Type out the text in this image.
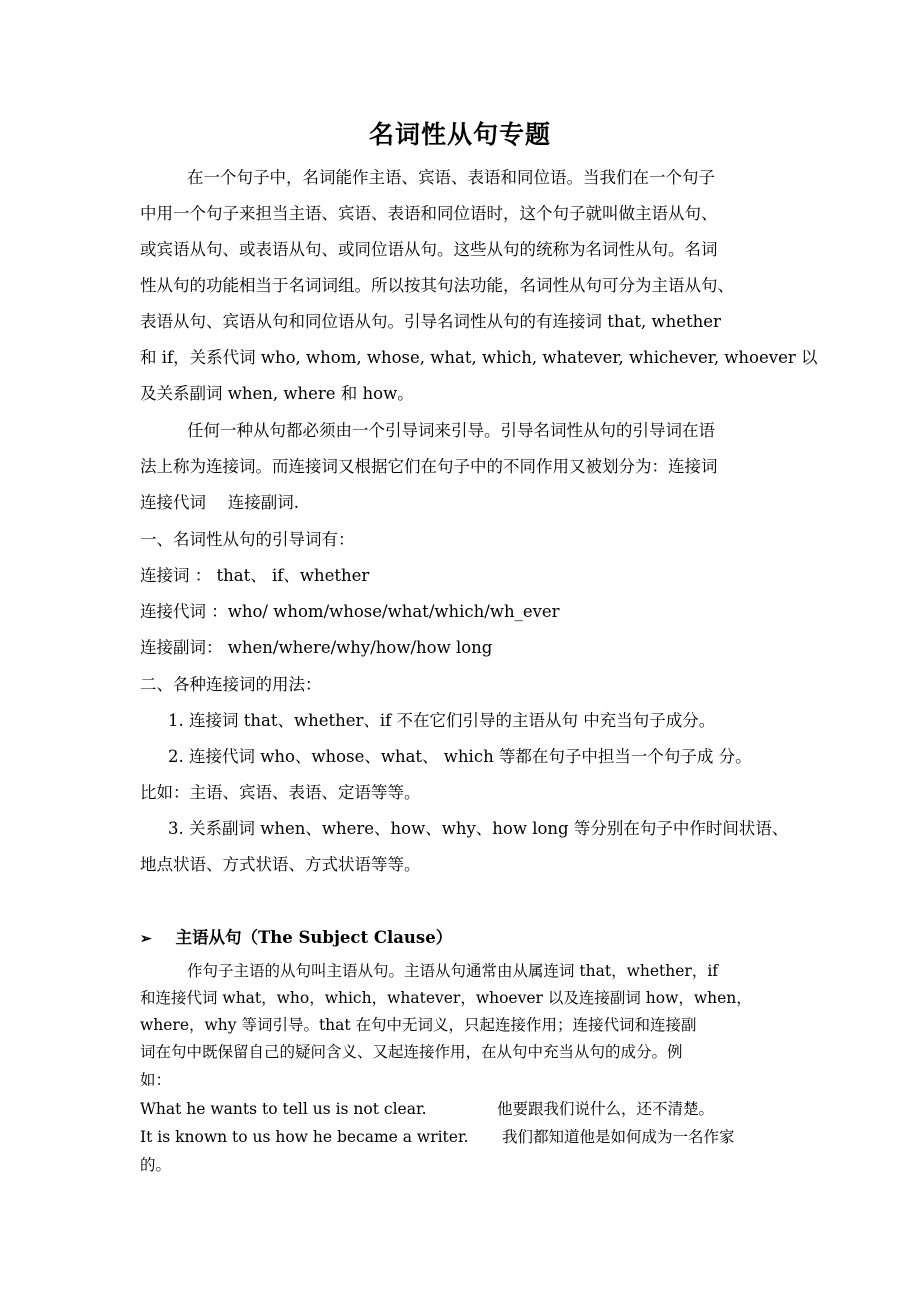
名词性从句专题
在一个句子中，名词能作主语、宾语、表语和同位语。当我们在一个句子
中用一个句子来担当主语、宾语、表语和同位语时，这个句子就叫做主语从句、
或宾语从句、或表语从句、或同位语从句。这些从句的统称为名词性从句。名词
性从句的功能相当于名词词组。所以按其句法功能，名词性从句可分为主语从句、
表语从句、宾语从句和同位语从句。引导名词性从句的有连接词 that, whether
和 if，关系代词 who, whom, whose, what, which, whatever, whichever, whoever 以
及关系副词 when, where 和 how。
任何一种从句都必须由一个引导词来引导。引导名词性从句的引导词在语
法上称为连接词。而连接词又根据它们在句子中的不同作用又被划分为：连接词
连接代词　 连接副词.
一、名词性从句的引导词有：
连接词 ： that、 if、whether
连接代词 ：who/ whom/whose/what/which/wh_ever
连接副词： when/where/why/how/how long
二、各种连接词的用法：
1. 连接词 that、whether、if 不在它们引导的主语从句 中充当句子成分。
2. 连接代词 who、whose、what、 which 等都在句子中担当一个句子成 分。
比如：主语、宾语、表语、定语等等。
3. 关系副词 when、where、how、why、how long 等分别在句子中作时间状语、
地点状语、方式状语、方式状语等等。
➢ 主语从句（The Subject Clause）
作句子主语的从句叫主语从句。主语从句通常由从属连词 that，whether，if
和连接代词 what，who，which，whatever，whoever 以及连接副词 how，when，
where，why 等词引导。that 在句中无词义，只起连接作用；连接代词和连接副
词在句中既保留自己的疑问含义、又起连接作用，在从句中充当从句的成分。例
如：
What he wants to tell us is not clear.	他要跟我们说什么，还不清楚。
It is known to us how he became a writer. 我们都知道他是如何成为一名作家
的。
